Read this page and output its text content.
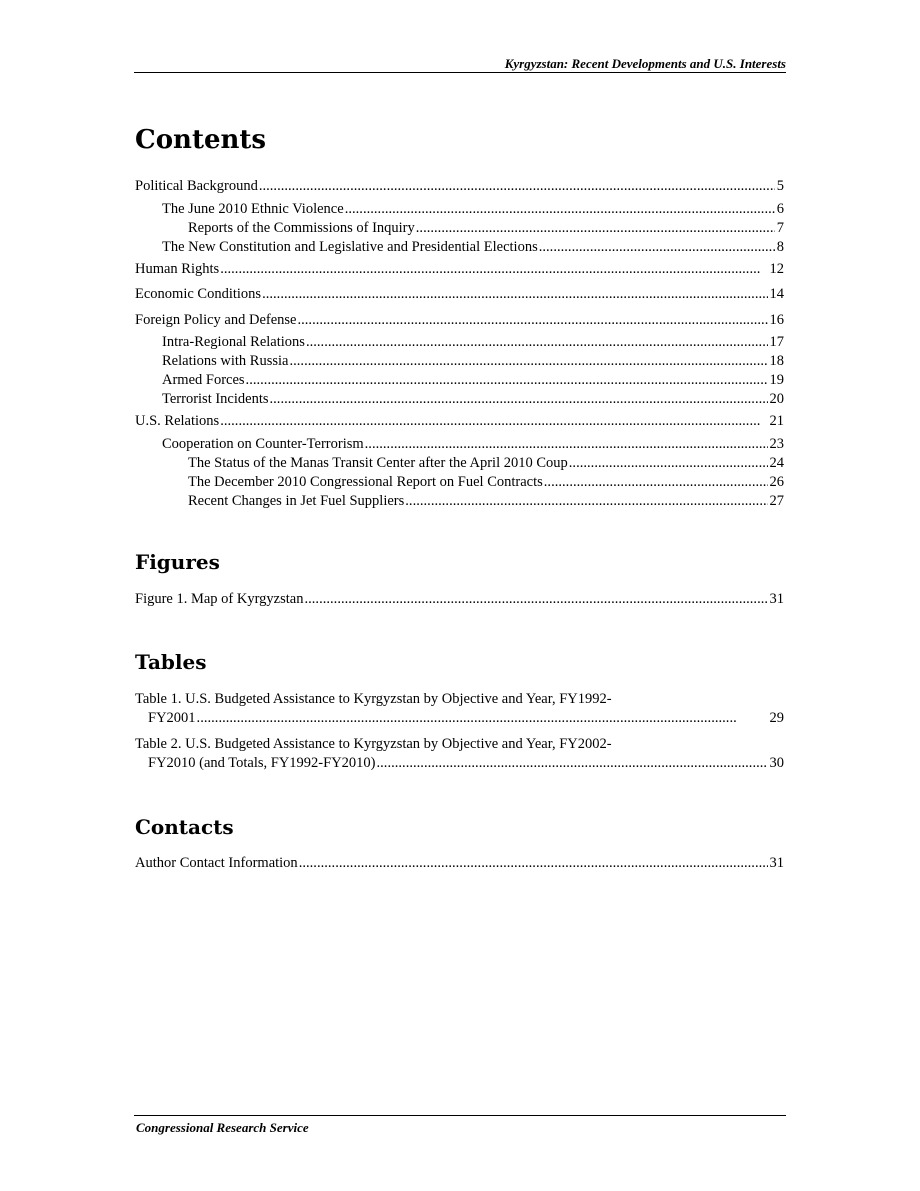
Kyrgyzstan: Recent Developments and U.S. Interests
Contents
Political Background . . .	5
The June 2010 Ethnic Violence . . .	6
Reports of the Commissions of Inquiry . . .	7
The New Constitution and Legislative and Presidential Elections . . .	8
Human Rights . . .	12
Economic Conditions . . .	14
Foreign Policy and Defense . . .	16
Intra-Regional Relations . . .	17
Relations with Russia . . .	18
Armed Forces . . .	19
Terrorist Incidents . . .	20
U.S. Relations . . .	21
Cooperation on Counter-Terrorism . . .	23
The Status of the Manas Transit Center after the April 2010 Coup . . .	24
The December 2010 Congressional Report on Fuel Contracts . . .	26
Recent Changes in Jet Fuel Suppliers . . .	27
Figures
Figure 1. Map of Kyrgyzstan . . .	31
Tables
Table 1. U.S. Budgeted Assistance to Kyrgyzstan by Objective and Year, FY1992-
FY2001 . . .	29
Table 2. U.S. Budgeted Assistance to Kyrgyzstan by Objective and Year, FY2002-
FY2010 (and Totals, FY1992-FY2010) . . .	30
Contacts
Author Contact Information . . .	31
Congressional Research Service
